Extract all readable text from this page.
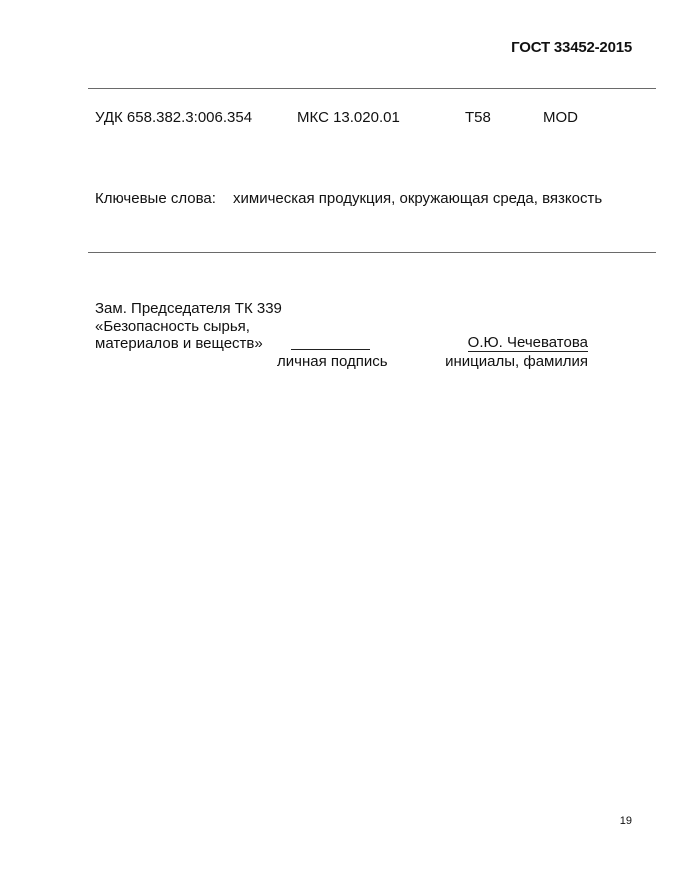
ГОСТ 33452-2015
УДК 658.382.3:006.354	МКС 13.020.01	Т58	MOD
Ключевые слова: химическая продукция, окружающая среда, вязкость
Зам. Председателя ТК 339
«Безопасность сырья,
материалов и веществ»	О.Ю. Чечеватова
личная подпись	инициалы, фамилия
19
